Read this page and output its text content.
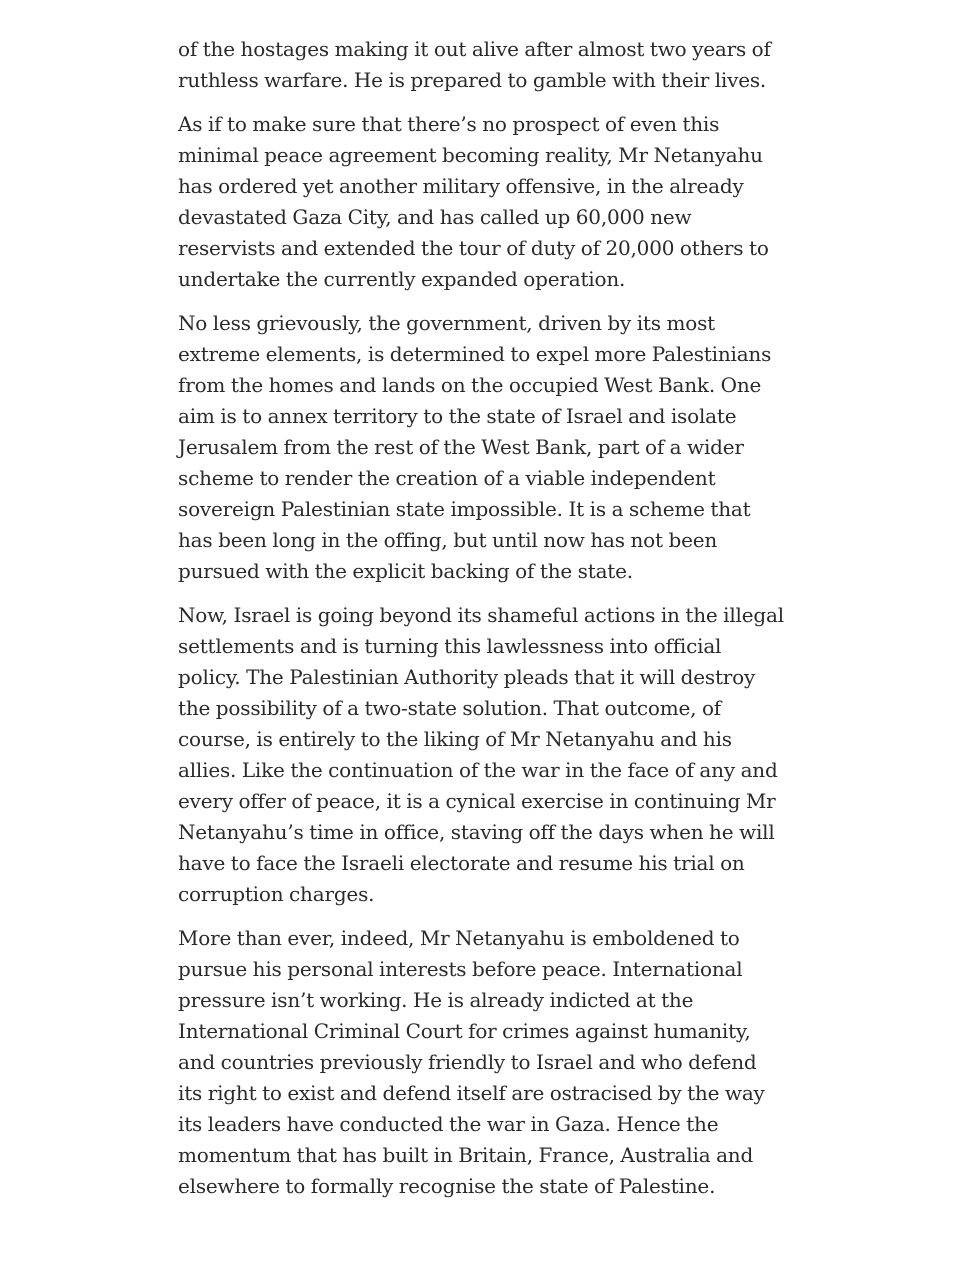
of the hostages making it out alive after almost two years of ruthless warfare. He is prepared to gamble with their lives.

As if to make sure that there’s no prospect of even this minimal peace agreement becoming reality, Mr Netanyahu has ordered yet another military offensive, in the already devastated Gaza City, and has called up 60,000 new reservists and extended the tour of duty of 20,000 others to undertake the currently expanded operation.

No less grievously, the government, driven by its most extreme elements, is determined to expel more Palestinians from the homes and lands on the occupied West Bank. One aim is to annex territory to the state of Israel and isolate Jerusalem from the rest of the West Bank, part of a wider scheme to render the creation of a viable independent sovereign Palestinian state impossible. It is a scheme that has been long in the offing, but until now has not been pursued with the explicit backing of the state.

Now, Israel is going beyond its shameful actions in the illegal settlements and is turning this lawlessness into official policy. The Palestinian Authority pleads that it will destroy the possibility of a two-state solution. That outcome, of course, is entirely to the liking of Mr Netanyahu and his allies. Like the continuation of the war in the face of any and every offer of peace, it is a cynical exercise in continuing Mr Netanyahu’s time in office, staving off the days when he will have to face the Israeli electorate and resume his trial on corruption charges.

More than ever, indeed, Mr Netanyahu is emboldened to pursue his personal interests before peace. International pressure isn’t working. He is already indicted at the International Criminal Court for crimes against humanity, and countries previously friendly to Israel and who defend its right to exist and defend itself are ostracised by the way its leaders have conducted the war in Gaza. Hence the momentum that has built in Britain, France, Australia and elsewhere to formally recognise the state of Palestine.
